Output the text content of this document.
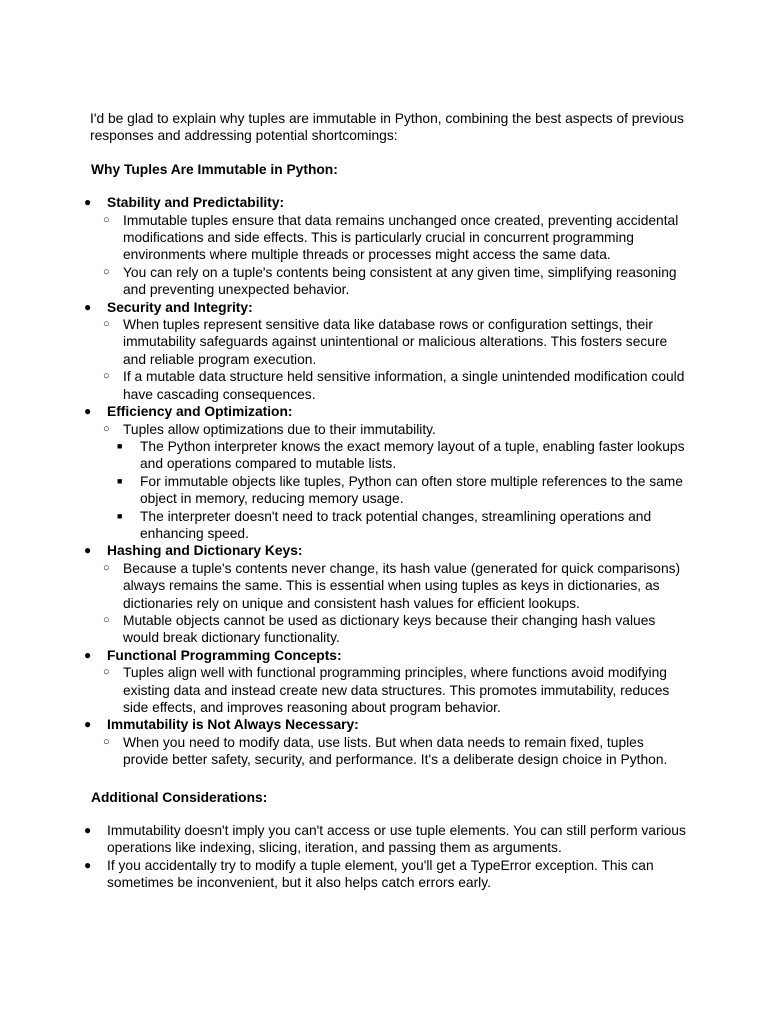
I'd be glad to explain why tuples are immutable in Python, combining the best aspects of previous responses and addressing potential shortcomings:

Why Tuples Are Immutable in Python:

● Stability and Predictability:
○ Immutable tuples ensure that data remains unchanged once created, preventing accidental modifications and side effects. This is particularly crucial in concurrent programming environments where multiple threads or processes might access the same data.
○ You can rely on a tuple's contents being consistent at any given time, simplifying reasoning and preventing unexpected behavior.
● Security and Integrity:
○ When tuples represent sensitive data like database rows or configuration settings, their immutability safeguards against unintentional or malicious alterations. This fosters secure and reliable program execution.
○ If a mutable data structure held sensitive information, a single unintended modification could have cascading consequences.
● Efficiency and Optimization:
○ Tuples allow optimizations due to their immutability.
■ The Python interpreter knows the exact memory layout of a tuple, enabling faster lookups and operations compared to mutable lists.
■ For immutable objects like tuples, Python can often store multiple references to the same object in memory, reducing memory usage.
■ The interpreter doesn't need to track potential changes, streamlining operations and enhancing speed.
● Hashing and Dictionary Keys:
○ Because a tuple's contents never change, its hash value (generated for quick comparisons) always remains the same. This is essential when using tuples as keys in dictionaries, as dictionaries rely on unique and consistent hash values for efficient lookups.
○ Mutable objects cannot be used as dictionary keys because their changing hash values would break dictionary functionality.
● Functional Programming Concepts:
○ Tuples align well with functional programming principles, where functions avoid modifying existing data and instead create new data structures. This promotes immutability, reduces side effects, and improves reasoning about program behavior.
● Immutability is Not Always Necessary:
○ When you need to modify data, use lists. But when data needs to remain fixed, tuples provide better safety, security, and performance. It's a deliberate design choice in Python.

Additional Considerations:

● Immutability doesn't imply you can't access or use tuple elements. You can still perform various operations like indexing, slicing, iteration, and passing them as arguments.
● If you accidentally try to modify a tuple element, you'll get a TypeError exception. This can sometimes be inconvenient, but it also helps catch errors early.
